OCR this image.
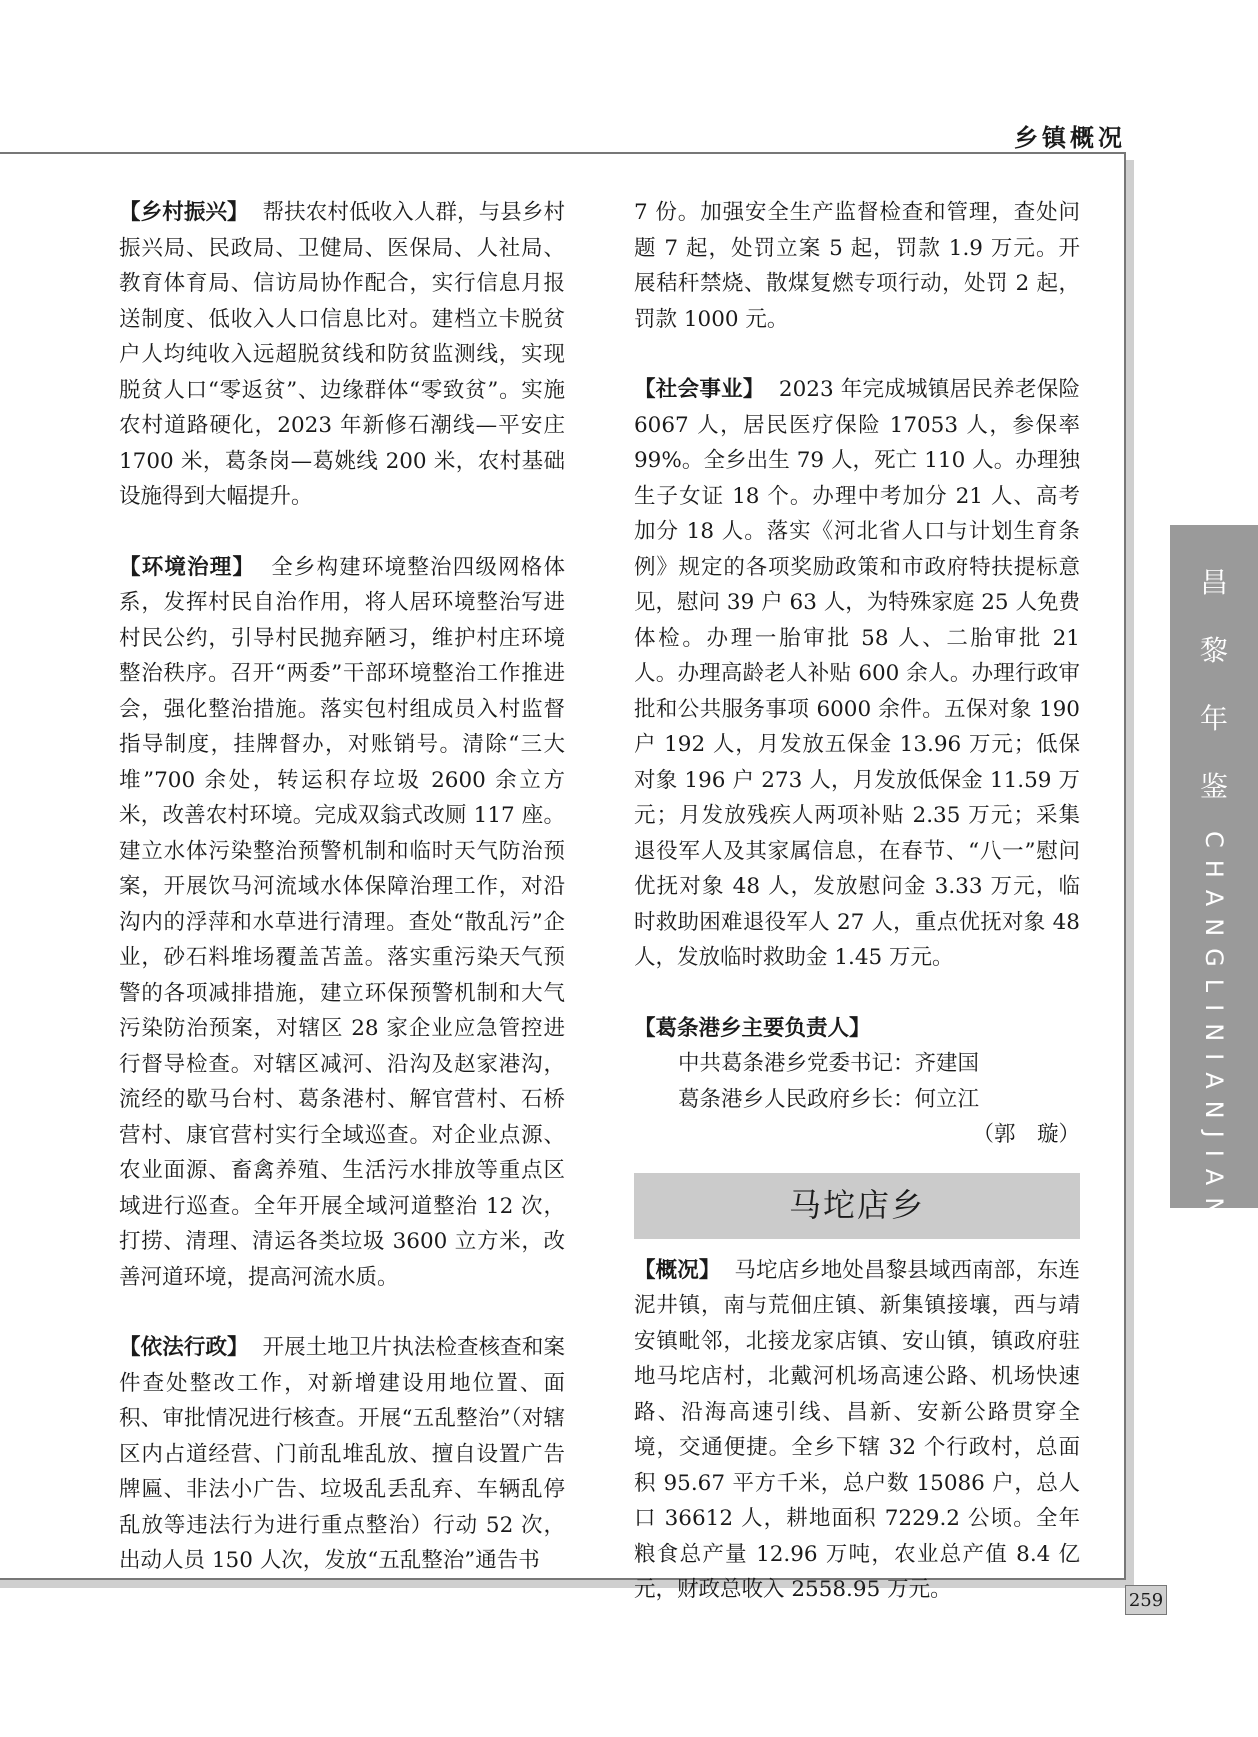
乡镇概况

【乡村振兴】 帮扶农村低收入人群，与县乡村振兴局、民政局、卫健局、医保局、人社局、教育体育局、信访局协作配合，实行信息月报送制度、低收入人口信息比对。建档立卡脱贫户人均纯收入远超脱贫线和防贫监测线，实现脱贫人口“零返贫”、边缘群体“零致贫”。实施农村道路硬化，2023 年新修石潮线—平安庄 1700 米，葛条岗—葛姚线 200 米，农村基础设施得到大幅提升。

【环境治理】 全乡构建环境整治四级网格体系，发挥村民自治作用，将人居环境整治写进村民公约，引导村民抛弃陋习，维护村庄环境整治秩序。召开“两委”干部环境整治工作推进会，强化整治措施。落实包村组成员入村监督指导制度，挂牌督办，对账销号。清除“三大堆”700 余处，转运积存垃圾 2600 余立方米，改善农村环境。完成双翁式改厕 117 座。建立水体污染整治预警机制和临时天气防治预案，开展饮马河流域水体保障治理工作，对沿沟内的浮萍和水草进行清理。查处“散乱污”企业，砂石料堆场覆盖苫盖。落实重污染天气预警的各项减排措施，建立环保预警机制和大气污染防治预案，对辖区 28 家企业应急管控进行督导检查。对辖区减河、沿沟及赵家港沟，流经的歇马台村、葛条港村、解官营村、石桥营村、康官营村实行全域巡查。对企业点源、农业面源、畜禽养殖、生活污水排放等重点区域进行巡查。全年开展全域河道整治 12 次，打捞、清理、清运各类垃圾 3600 立方米，改善河道环境，提高河流水质。

【依法行政】 开展土地卫片执法检查核查和案件查处整改工作，对新增建设用地位置、面积、审批情况进行核查。开展“五乱整治”（对辖区内占道经营、门前乱堆乱放、擅自设置广告牌匾、非法小广告、垃圾乱丢乱弃、车辆乱停乱放等违法行为进行重点整治）行动 52 次，出动人员 150 人次，发放“五乱整治”通告书

7 份。加强安全生产监督检查和管理，查处问题 7 起，处罚立案 5 起，罚款 1.9 万元。开展秸秆禁烧、散煤复燃专项行动，处罚 2 起，罚款 1000 元。

【社会事业】 2023 年完成城镇居民养老保险 6067 人，居民医疗保险 17053 人，参保率 99%。全乡出生 79 人，死亡 110 人。办理独生子女证 18 个。办理中考加分 21 人、高考加分 18 人。落实《河北省人口与计划生育条例》规定的各项奖励政策和市政府特扶提标意见，慰问 39 户 63 人，为特殊家庭 25 人免费体检。办理一胎审批 58 人、二胎审批 21 人。办理高龄老人补贴 600 余人。办理行政审批和公共服务事项 6000 余件。五保对象 190 户 192 人，月发放五保金 13.96 万元；低保对象 196 户 273 人，月发放低保金 11.59 万元；月发放残疾人两项补贴 2.35 万元；采集退役军人及其家属信息，在春节、“八一”慰问优抚对象 48 人，发放慰问金 3.33 万元，临时救助困难退役军人 27 人，重点优抚对象 48 人，发放临时救助金 1.45 万元。

【葛条港乡主要负责人】

中共葛条港乡党委书记：齐建国

葛条港乡人民政府乡长：何立江

（郭　璇）

马坨店乡

【概况】 马坨店乡地处昌黎县域西南部，东连泥井镇，南与荒佃庄镇、新集镇接壤，西与靖安镇毗邻，北接龙家店镇、安山镇，镇政府驻地马坨店村，北戴河机场高速公路、机场快速路、沿海高速引线、昌新、安新公路贯穿全境，交通便捷。全乡下辖 32 个行政村，总面积 95.67 平方千米，总户数 15086 户，总人口 36612 人，耕地面积 7229.2 公顷。全年粮食总产量 12.96 万吨，农业总产值 8.4 亿元，财政总收入 2558.95 万元。

昌
黎
年
鉴
CHANGLINIANJIAN
259
